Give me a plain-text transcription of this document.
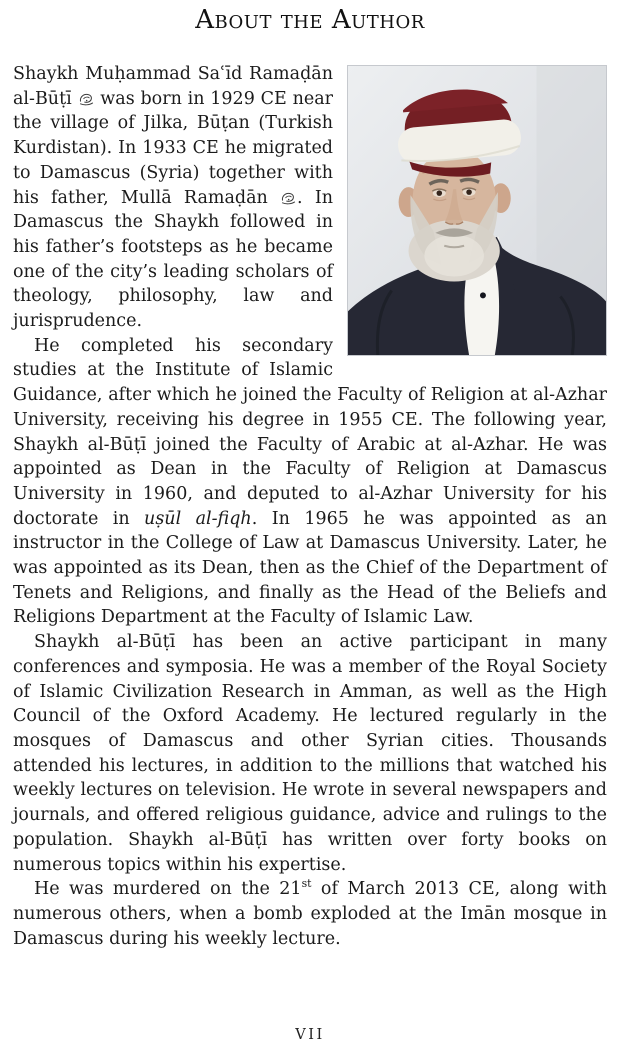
About the Author

Shaykh Muḥammad Saʿīd Ramaḍān al-Būṭī  was born in 1929 CE near the village of Jilka, Būṭan (Turkish Kurdistan). In 1933 CE he migrated to Damascus (Syria) together with his father, Mullā Ramaḍān . In Damascus the Shaykh followed in his father’s footsteps as he became one of the city’s leading scholars of theology, philosophy, law and jurisprudence.

He completed his secondary studies at the Institute of Islamic Guidance, after which he joined the Faculty of Religion at al-Azhar University, receiving his degree in 1955 CE. The following year, Shaykh al-Būṭī joined the Faculty of Arabic at al-Azhar. He was appointed as Dean in the Faculty of Religion at Damascus University in 1960, and deputed to al-Azhar University for his doctorate in uṣūl al-fiqh. In 1965 he was appointed as an instructor in the College of Law at Damascus University. Later, he was appointed as its Dean, then as the Chief of the Department of Tenets and Religions, and finally as the Head of the Beliefs and Religions Department at the Faculty of Islamic Law.

Shaykh al-Būṭī has been an active participant in many conferences and symposia. He was a member of the Royal Society of Islamic Civilization Research in Amman, as well as the High Council of the Oxford Academy. He lectured regularly in the mosques of Damascus and other Syrian cities. Thousands attended his lectures, in addition to the millions that watched his weekly lectures on television. He wrote in several newspapers and journals, and offered religious guidance, advice and rulings to the population. Shaykh al-Būṭī has written over forty books on numerous topics within his expertise.

He was murdered on the 21st of March 2013 CE, along with numerous others, when a bomb exploded at the Imān mosque in Damascus during his weekly lecture.

VII
